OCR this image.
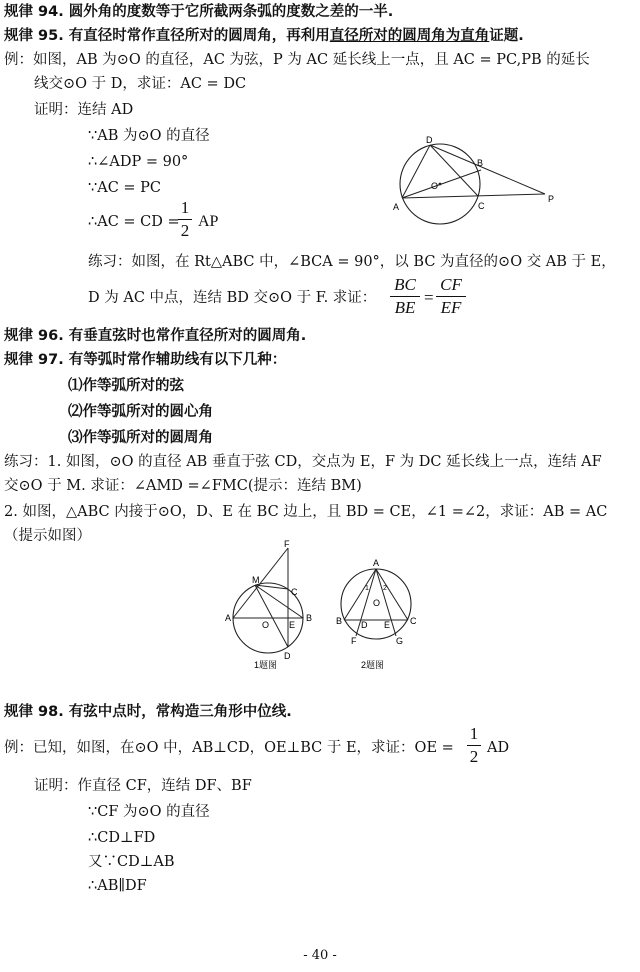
规律 94. 圆外角的度数等于它所截两条弧的度数之差的一半.
规律 95. 有直径时常作直径所对的圆周角，再利用直径所对的圆周角为直角证题.
例：如图，AB 为⊙O 的直径，AC 为弦，P 为 AC 延长线上一点，且 AC = PC,PB 的延长
线交⊙O 于 D，求证：AC = DC
证明：连结 AD
∵AB 为⊙O 的直径
∴∠ADP = 90°
∵AC = PC
∴AC = CD =
1
2 AP
D
B
O
A	C
P
练习：如图，在 Rt△ABC 中，∠BCA = 90°，以 BC 为直径的⊙O 交 AB 于 E，
D 为 AC 中点，连结 BD 交⊙O 于 F. 求证：
BC
BE
=
CF
EF
规律 96. 有垂直弦时也常作直径所对的圆周角.
规律 97. 有等弧时常作辅助线有以下几种：
⑴作等弧所对的弦
⑵作等弧所对的圆心角
⑶作等弧所对的圆周角
练习：1. 如图，⊙O 的直径 AB 垂直于弦 CD，交点为 E，F 为 DC 延长线上一点，连结 AF
交⊙O 于 M. 求证：∠AMD =∠FMC(提示：连结 BM)
2. 如图，△ABC 内接于⊙O，D、E 在 BC 边上，且 BD = CE，∠1 =∠2，求证：AB = AC
（提示如图）	F
M
C
A
O E
B
D
1题图
A
O
1 2
B D E C
F	G
2题图
规律 98. 有弦中点时，常构造三角形中位线.
例：已知，如图，在⊙O 中，AB⊥CD，OE⊥BC 于 E，求证：OE =
1
2 AD
证明：作直径 CF，连结 DF、BF
∵CF 为⊙O 的直径
∴CD⊥FD
又∵CD⊥AB
∴AB∥DF
- 40 -
